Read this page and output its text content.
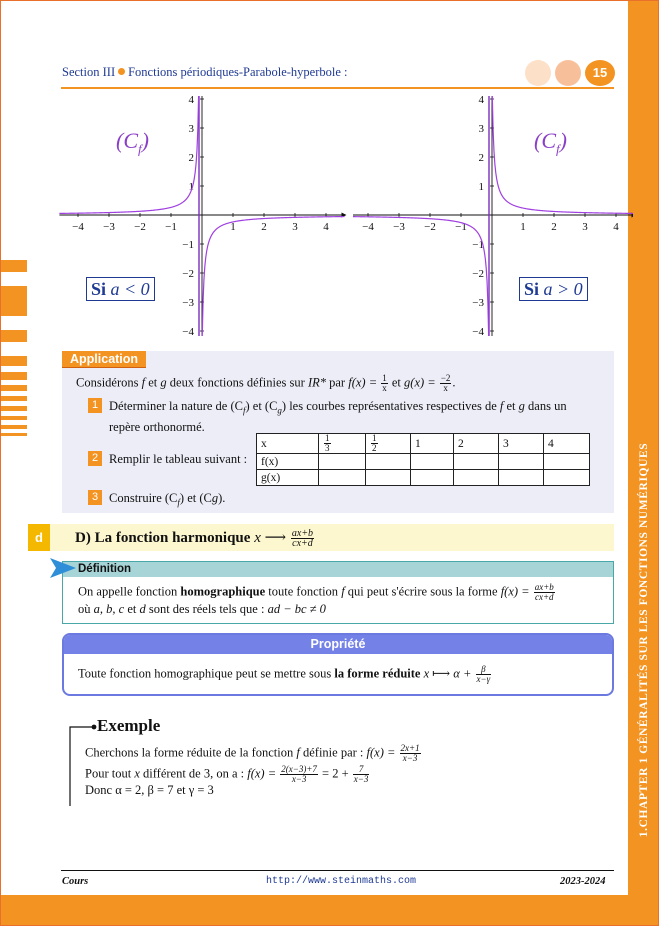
1.CHAPTER 1 GÉNÉRALITÉS SUR LES FONCTIONS NUMÉRIQUES
Section III Fonctions périodiques-Parabole-hyperbole :	15
−4 −3 −2 −1	1 2 3 4
4
3
2
1
−1
−2
−3
−4
−4 −3 −2 −1	1 2 3 4
4
3
2
1
−1
−2
−3
−4
$(C_f)$	$(C_f)$
Si a < 0	Si a > 0
Application
Considérons f et g deux fonctions définies sur IR* par $f(x) = \frac{1}{x}$ et $g(x) = \frac{-2}{x}$ .
1 Déterminer la nature de $(C_f)$ et $(C_g)$ les courbes représentatives respectives de f et g dans un
repère orthonormé.
2 Remplir le tableau suivant :
x	$\frac{1}{3}$	$\frac{1}{2}$	1	2	3	4
f(x)						
g(x)						
3 Construire $(C_f)$ et (Cg).
d	D) La fonction harmonique x ⟶ $\frac{ax+b}{cx+d}$
Définition
On appelle fonction homographique toute fonction f qui peut s'écrire sous la forme $f(x) = \frac{ax+b}{cx+d}$
où a, b, c et d sont des réels tels que : ad − bc ≠ 0
Propriété
Toute fonction homographique peut se mettre sous la forme réduite x ⟼ $\alpha + \frac{\beta}{x-\gamma}$
Exemple
Cherchons la forme réduite de la fonction f définie par : $f(x) = \frac{2x+1}{x-3}$
Pour tout x différent de 3, on a : $f(x) = \frac{2(x-3)+7}{x-3} = 2 + \frac{7}{x-3}$
Donc α = 2, β = 7 et γ = 3
Cours	http://www.steinmaths.com	2023-2024
